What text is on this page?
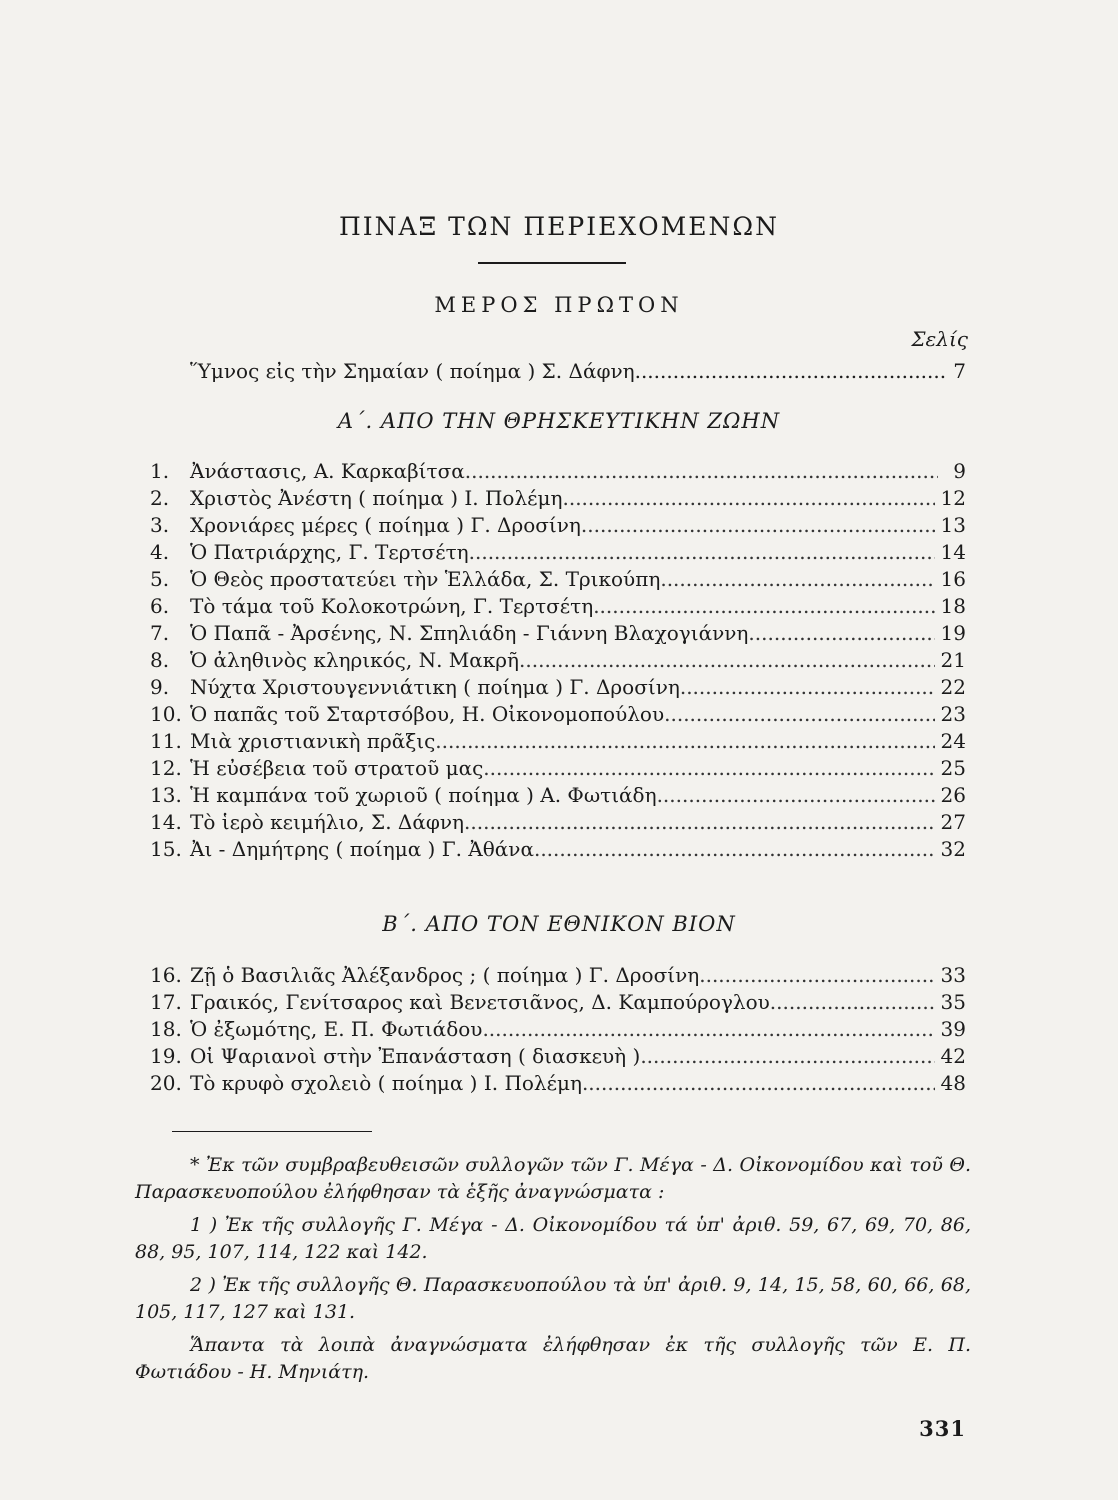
ΠΙΝΑΞ ΤΩΝ ΠΕΡΙΕΧΟΜΕΝΩΝ
ΜΕΡΟΣ ΠΡΩΤΟΝ
Σελίς
Ὕμνος εἰς τὴν Σημαίαν ( ποίημα ) Σ. Δάφνη .....	7
Α΄. ΑΠΟ ΤΗΝ ΘΡΗΣΚΕΥΤΙΚΗΝ ΖΩΗΝ
1.	Ἀνάστασις, Α. Καρκαβίτσα .....	9
2.	Χριστὸς Ἀνέστη ( ποίημα ) Ι. Πολέμη .....	12
3.	Χρονιάρες μέρες ( ποίημα ) Γ. Δροσίνη .....	13
4.	Ὁ Πατριάρχης, Γ. Τερτσέτη .....	14
5.	Ὁ Θεὸς προστατεύει τὴν Ἑλλάδα, Σ. Τρικούπη .....	16
6.	Τὸ τάμα τοῦ Κολοκοτρώνη, Γ. Τερτσέτη .....	18
7.	Ὁ Παπᾶ - Ἀρσένης, Ν. Σπηλιάδη - Γιάννη Βλαχογιάννη .....	19
8.	Ὁ ἀληθινὸς κληρικός, Ν. Μακρῆ .....	21
9.	Νύχτα Χριστουγεννιάτικη ( ποίημα ) Γ. Δροσίνη .....	22
10. Ὁ παπᾶς τοῦ Σταρτσόβου, Η. Οἰκονομοπούλου .....	23
11. Μιὰ χριστιανικὴ πρᾶξις .....	24
12. Ἡ εὐσέβεια τοῦ στρατοῦ μας .....	25
13. Ἡ καμπάνα τοῦ χωριοῦ ( ποίημα ) Α. Φωτιάδη .....	26
14. Τὸ ἱερὸ κειμήλιο, Σ. Δάφνη .....	27
15. Ἀι - Δημήτρης ( ποίημα ) Γ. Ἀθάνα .....	32
Β΄. ΑΠΟ ΤΟΝ ΕΘΝΙΚΟΝ ΒΙΟΝ
16. Ζῇ ὁ Βασιλιᾶς Ἀλέξανδρος ; ( ποίημα ) Γ. Δροσίνη .....	33
17. Γραικός, Γενίτσαρος καὶ Βενετσιᾶνος, Δ. Καμπούρογλου .....	35
18. Ὁ ἐξωμότης, Ε. Π. Φωτιάδου .....	39
19. Οἱ Ψαριανοὶ στὴν Ἐπανάσταση ( διασκευὴ ) .....	42
20. Τὸ κρυφὸ σχολειὸ ( ποίημα ) Ι. Πολέμη .....	48

* Ἐκ τῶν συμβραβευθεισῶν συλλογῶν τῶν Γ. Μέγα - Δ. Οἰκονομίδου καὶ τοῦ Θ. Παρασκευοπούλου ἐλήφθησαν τὰ ἑξῆς ἀναγνώσματα :

1 ) Ἐκ τῆς συλλογῆς Γ. Μέγα - Δ. Οἰκονομίδου τά ὑπ' ἀριθ. 59, 67, 69, 70, 86, 88, 95, 107, 114, 122 καὶ 142.

2 ) Ἐκ τῆς συλλογῆς Θ. Παρασκευοπούλου τὰ ὑπ' ἀριθ. 9, 14, 15, 58, 60, 66, 68, 105, 117, 127 καὶ 131.

Ἅπαντα τὰ λοιπὰ ἀναγνώσματα ἐλήφθησαν ἐκ τῆς συλλογῆς τῶν Ε. Π. Φωτιάδου - Η. Μηνιάτη.

331
